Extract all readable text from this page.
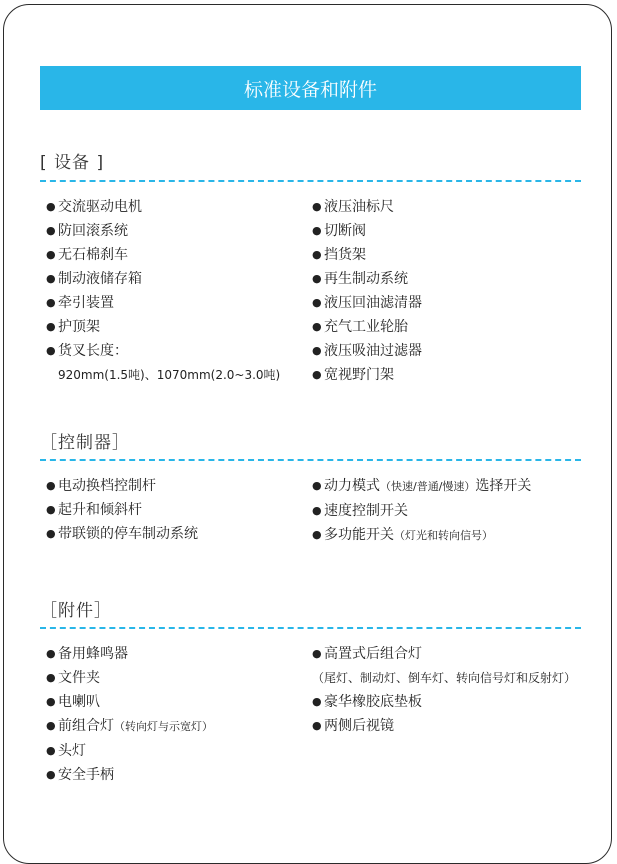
标准设备和附件
[ 设备 ]
● 交流驱动电机
● 防回滚系统
● 无石棉刹车
● 制动液储存箱
● 牵引装置
● 护顶架
● 货叉长度：
920mm(1.5吨)、1070mm(2.0~3.0吨)
● 液压油标尺
● 切断阀
● 挡货架
● 再生制动系统
● 液压回油滤清器
● 充气工业轮胎
● 液压吸油过滤器
● 宽视野门架
［控制器］
● 电动换档控制杆
● 起升和倾斜杆
● 带联锁的停车制动系统
● 动力模式（快速/普通/慢速）选择开关
● 速度控制开关
● 多功能开关（灯光和转向信号）
［附件］
● 备用蜂鸣器
● 文件夹
● 电喇叭
● 前组合灯（转向灯与示宽灯）
● 头灯
● 安全手柄
● 高置式后组合灯
（尾灯、制动灯、倒车灯、转向信号灯和反射灯）
● 豪华橡胶底垫板
● 两侧后视镜
